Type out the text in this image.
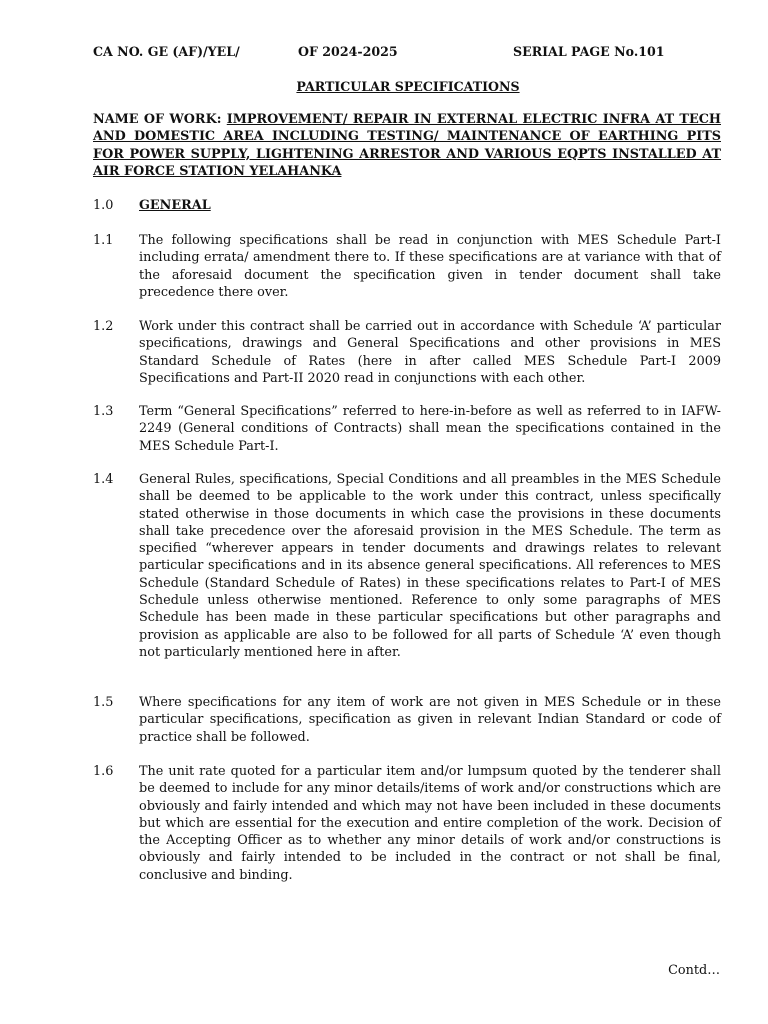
CA NO. GE (AF)/YEL/	OF 2024-2025	SERIAL PAGE No.101
PARTICULAR SPECIFICATIONS
NAME OF WORK: IMPROVEMENT/ REPAIR IN EXTERNAL ELECTRIC INFRA AT TECH AND DOMESTIC AREA INCLUDING TESTING/ MAINTENANCE OF EARTHING PITS FOR POWER SUPPLY, LIGHTENING ARRESTOR AND VARIOUS EQPTS INSTALLED AT AIR FORCE STATION YELAHANKA
1.0	GENERAL
1.1	The following specifications shall be read in conjunction with MES Schedule Part-I including errata/ amendment there to. If these specifications are at variance with that of the aforesaid document the specification given in tender document shall take precedence there over.
1.2	Work under this contract shall be carried out in accordance with Schedule ‘A’ particular specifications, drawings and General Specifications and other provisions in MES Standard Schedule of Rates (here in after called MES Schedule Part-I 2009 Specifications and Part-II 2020 read in conjunctions with each other.
1.3	Term “General Specifications” referred to here-in-before as well as referred to in IAFW-2249 (General conditions of Contracts) shall mean the specifications contained in the MES Schedule Part-I.
1.4	General Rules, specifications, Special Conditions and all preambles in the MES Schedule shall be deemed to be applicable to the work under this contract, unless specifically stated otherwise in those documents in which case the provisions in these documents shall take precedence over the aforesaid provision in the MES Schedule. The term as specified “wherever appears in tender documents and drawings relates to relevant particular specifications and in its absence general specifications. All references to MES Schedule (Standard Schedule of Rates) in these specifications relates to Part-I of MES Schedule unless otherwise mentioned. Reference to only some paragraphs of MES Schedule has been made in these particular specifications but other paragraphs and provision as applicable are also to be followed for all parts of Schedule ‘A’ even though not particularly mentioned here in after.
1.5	Where specifications for any item of work are not given in MES Schedule or in these particular specifications, specification as given in relevant Indian Standard or code of practice shall be followed.
1.6	The unit rate quoted for a particular item and/or lumpsum quoted by the tenderer shall be deemed to include for any minor details/items of work and/or constructions which are obviously and fairly intended and which may not have been included in these documents but which are essential for the execution and entire completion of the work. Decision of the Accepting Officer as to whether any minor details of work and/or constructions is obviously and fairly intended to be included in the contract or not shall be final, conclusive and binding.
Contd…
